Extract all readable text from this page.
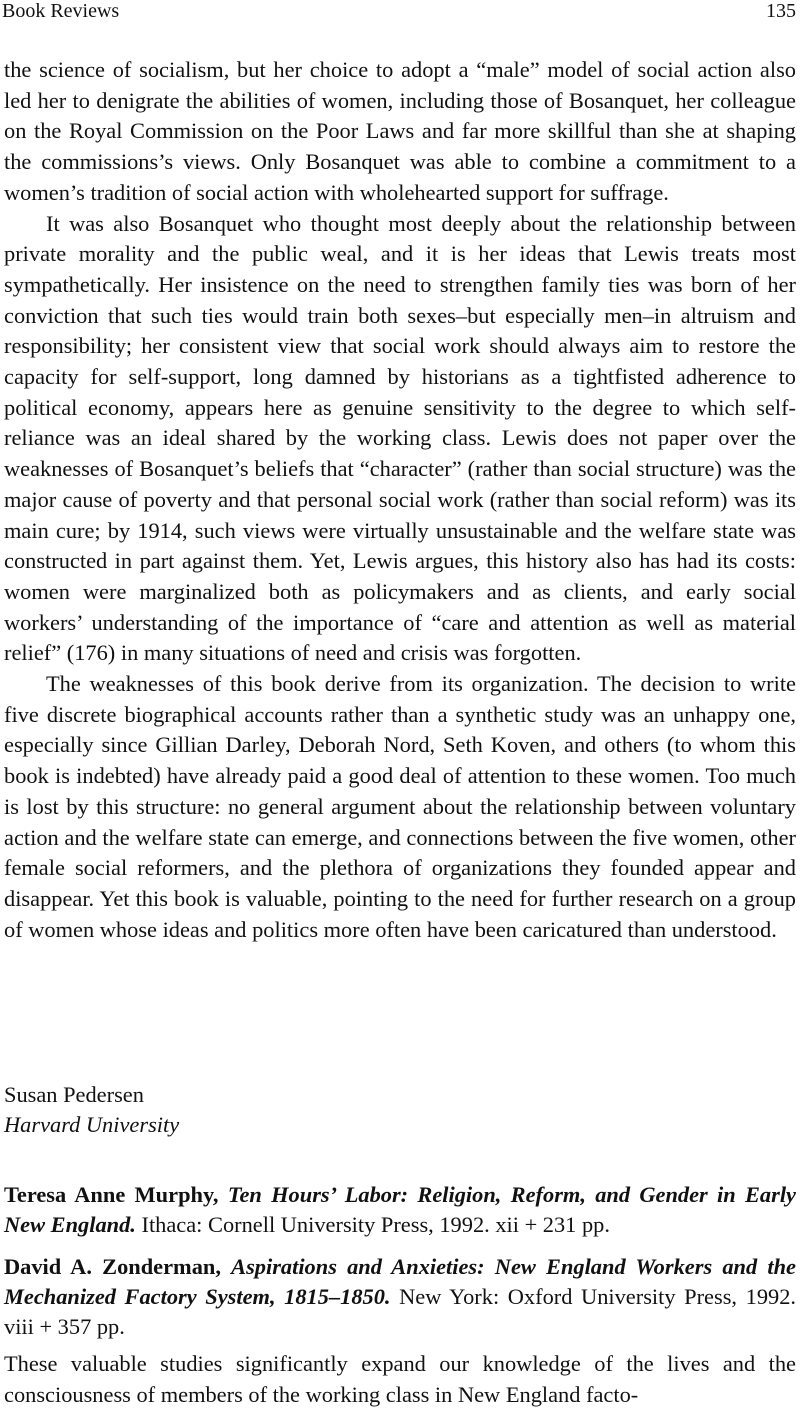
Book Reviews	135

the science of socialism, but her choice to adopt a “male” model of social action also led her to denigrate the abilities of women, including those of Bosanquet, her colleague on the Royal Commission on the Poor Laws and far more skillful than she at shaping the commissions’s views. Only Bosanquet was able to combine a commitment to a women’s tradition of social action with wholehearted support for suffrage.

It was also Bosanquet who thought most deeply about the relationship between private morality and the public weal, and it is her ideas that Lewis treats most sympathetically. Her insistence on the need to strengthen family ties was born of her conviction that such ties would train both sexes–but especially men–in altruism and responsibility; her consistent view that social work should always aim to restore the capacity for self-support, long damned by historians as a tightfisted adherence to political economy, appears here as genuine sensitivity to the degree to which self-reliance was an ideal shared by the working class. Lewis does not paper over the weaknesses of Bosanquet’s beliefs that “character” (rather than social structure) was the major cause of poverty and that personal social work (rather than social reform) was its main cure; by 1914, such views were virtually unsustainable and the welfare state was constructed in part against them. Yet, Lewis argues, this history also has had its costs: women were marginalized both as policymakers and as clients, and early social workers’ understanding of the importance of “care and attention as well as material relief” (176) in many situations of need and crisis was forgotten.

The weaknesses of this book derive from its organization. The decision to write five discrete biographical accounts rather than a synthetic study was an unhappy one, especially since Gillian Darley, Deborah Nord, Seth Koven, and others (to whom this book is indebted) have already paid a good deal of attention to these women. Too much is lost by this structure: no general argument about the relationship between voluntary action and the welfare state can emerge, and connections between the five women, other female social reformers, and the plethora of organizations they founded appear and disappear. Yet this book is valuable, pointing to the need for further research on a group of women whose ideas and politics more often have been caricatured than understood.

Susan Pedersen
Harvard University
Teresa Anne Murphy, Ten Hours’ Labor: Religion, Reform, and Gender in Early New England. Ithaca: Cornell University Press, 1992. xii + 231 pp.
David A. Zonderman, Aspirations and Anxieties: New England Workers and the Mechanized Factory System, 1815–1850. New York: Oxford University Press, 1992. viii + 357 pp.
These valuable studies significantly expand our knowledge of the lives and the consciousness of members of the working class in New England facto-
